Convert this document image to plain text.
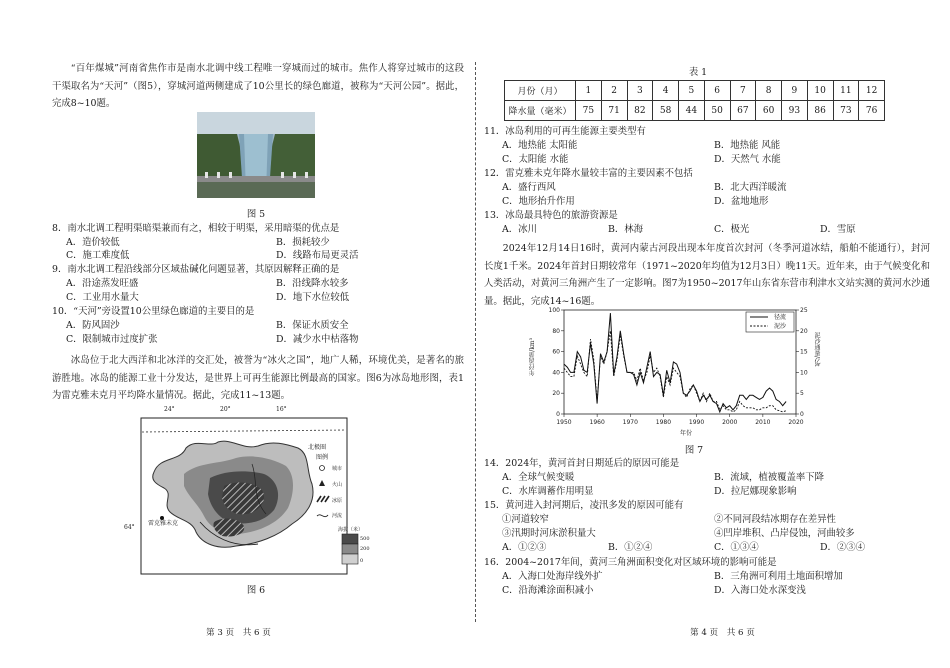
“百年煤城”河南省焦作市是南水北调中线工程唯一穿城而过的城市。焦作人将穿过城市的这段干渠取名为“天河”（图5），穿城河道两侧建成了10公里长的绿色廊道，被称为“天河公园”。据此，完成8~10题。
图 5
8．南水北调工程明渠暗渠兼而有之，相较于明渠，采用暗渠的优点是
A．造价较低	B．损耗较少
C．施工难度低	D．线路布局更灵活
9．南水北调工程沿线部分区域盐碱化问题显著，其原因解释正确的是
A．沿途蒸发旺盛	B．沿线降水较多
C．工业用水量大	D．地下水位较低
10．“天河”旁设置10公里绿色廊道的主要目的是
A．防风固沙	B．保证水质安全
C．限制城市过度扩张	D．减少水中枯落物
冰岛位于北大西洋和北冰洋的交汇处，被誉为“冰火之国”，地广人稀，环境优美，是著名的旅游胜地。冰岛的能源工业十分发达，是世界上可再生能源比例最高的国家。图6为冰岛地形图，表1为雷克雅未克月平均降水量情况。据此，完成11~13题。
24°	20°	16°
64°
北极圈
雷克雅未克
图例
城市
火山
冰原
河流
海拔（米）
500
200
0
图 6
第 3 页　共 6 页
表 1
月份（月）	1	2	3	4	5	6	7	8	9	10	11	12
降水量（毫米）	75	71	82	58	44	50	67	60	93	86	73	76
11．冰岛利用的可再生能源主要类型有
A．地热能 太阳能	B．地热能 风能
C．太阳能 水能	D．天然气 水能
12．雷克雅未克年降水量较丰富的主要因素不包括
A．盛行西风	B．北大西洋暖流
C．地形抬升作用	D．盆地地形
13．冰岛最具特色的旅游资源是
A．冰川	B．林海	C．极光	D．雪原
2024年12月14日16时，黄河内蒙古河段出现本年度首次封河（冬季河道冰结，船舶不能通行），封河长度1千米。2024年首封日期较常年（1971~2020年均值为12月3日）晚11天。近年来，由于气候变化和人类活动，对黄河三角洲产生了一定影响。图7为1950~2017年山东省东营市利津水文站实测的黄河水沙通量。据此，完成14~16题。
1950	1960	1970	1980	1990	2000	2010	2020
0
20
40
60
80
100
0
5
10
15
20
25
年径流量/km³	泥沙通量/亿t
年份
径流
泥沙
图 7
14．2024年，黄河首封日期延后的原因可能是
A．全球气候变暖	B．流域，植被覆盖率下降
C．水库调蓄作用明显	D．拉尼娜现象影响
15．黄河进入封河期后，凌汛多发的原因可能有
①河道较窄	②不同河段结冰期存在差异性
③汛期时河床淤积量大	④凹岸堆积、凸岸侵蚀，河曲较多
A．①②③	B．①②④	C．①③④	D．②③④
16．2004~2017年间，黄河三角洲面积变化对区域环境的影响可能是
A．入海口处海岸线外扩	B．三角洲可利用土地面积增加
C．沿海滩涂面积减小	D．入海口处水深变浅
第 4 页　共 6 页
